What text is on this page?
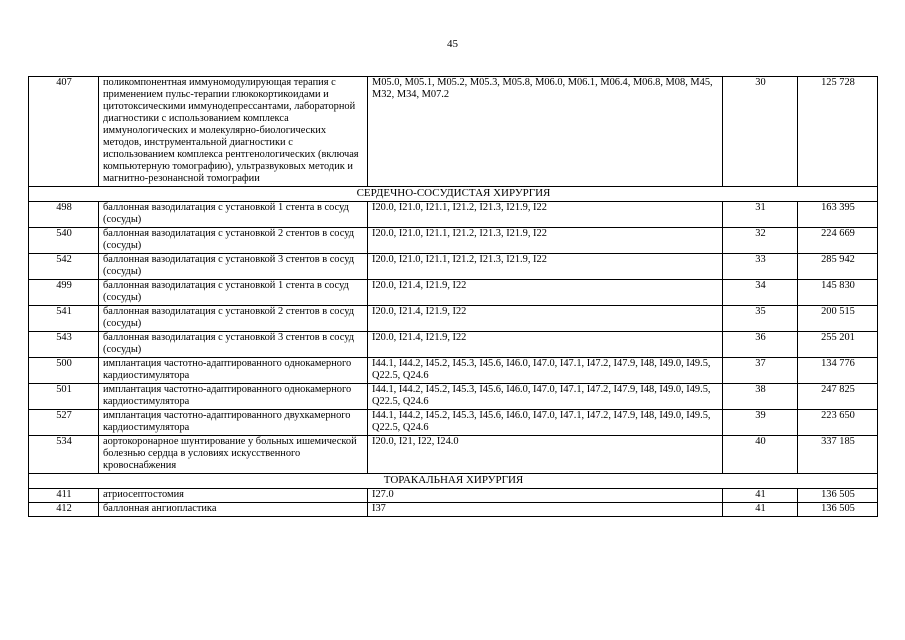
45
407	поликомпонентная иммуномодулирующая терапия с применением пульс-терапии глюкокортикоидами и цитотоксическими иммунодепрессантами, лабораторной диагностики с использованием комплекса иммунологических и молекулярно-биологических методов, инструментальной диагностики с использованием комплекса рентгенологических (включая компьютерную томографию), ультразвуковых методик и магнитно-резонансной томографии	M05.0, M05.1, M05.2, M05.3, M05.8, M06.0, M06.1, M06.4, M06.8, M08, M45, M32, M34, M07.2	30	125 728
СЕРДЕЧНО-СОСУДИСТАЯ ХИРУРГИЯ				
498	баллонная вазодилатация с установкой 1 стента в сосуд (сосуды)	I20.0, I21.0, I21.1, I21.2, I21.3, I21.9, I22	31	163 395
540	баллонная вазодилатация с установкой 2 стентов в сосуд (сосуды)	I20.0, I21.0, I21.1, I21.2, I21.3, I21.9, I22	32	224 669
542	баллонная вазодилатация с установкой 3 стентов в сосуд (сосуды)	I20.0, I21.0, I21.1, I21.2, I21.3, I21.9, I22	33	285 942
499	баллонная вазодилатация с установкой 1 стента в сосуд (сосуды)	I20.0, I21.4, I21.9, I22	34	145 830
541	баллонная вазодилатация с установкой 2 стентов в сосуд (сосуды)	I20.0, I21.4, I21.9, I22	35	200 515
543	баллонная вазодилатация с установкой 3 стентов в сосуд (сосуды)	I20.0, I21.4, I21.9, I22	36	255 201
500	имплантация частотно-адаптированного однокамерного кардиостимулятора	I44.1, I44.2, I45.2, I45.3, I45.6, I46.0, I47.0, I47.1, I47.2, I47.9, I48, I49.0, I49.5, Q22.5, Q24.6	37	134 776
501	имплантация частотно-адаптированного однокамерного кардиостимулятора	I44.1, I44.2, I45.2, I45.3, I45.6, I46.0, I47.0, I47.1, I47.2, I47.9, I48, I49.0, I49.5, Q22.5, Q24.6	38	247 825
527	имплантация частотно-адаптированного двухкамерного кардиостимулятора	I44.1, I44.2, I45.2, I45.3, I45.6, I46.0, I47.0, I47.1, I47.2, I47.9, I48, I49.0, I49.5, Q22.5, Q24.6	39	223 650
534	аортокоронарное шунтирование у больных ишемической болезнью сердца в условиях искусственного кровоснабжения	I20.0, I21, I22, I24.0	40	337 185
ТОРАКАЛЬНАЯ ХИРУРГИЯ				
411	атриосептостомия	I27.0	41	136 505
412	баллонная ангиопластика	I37	41	136 505
